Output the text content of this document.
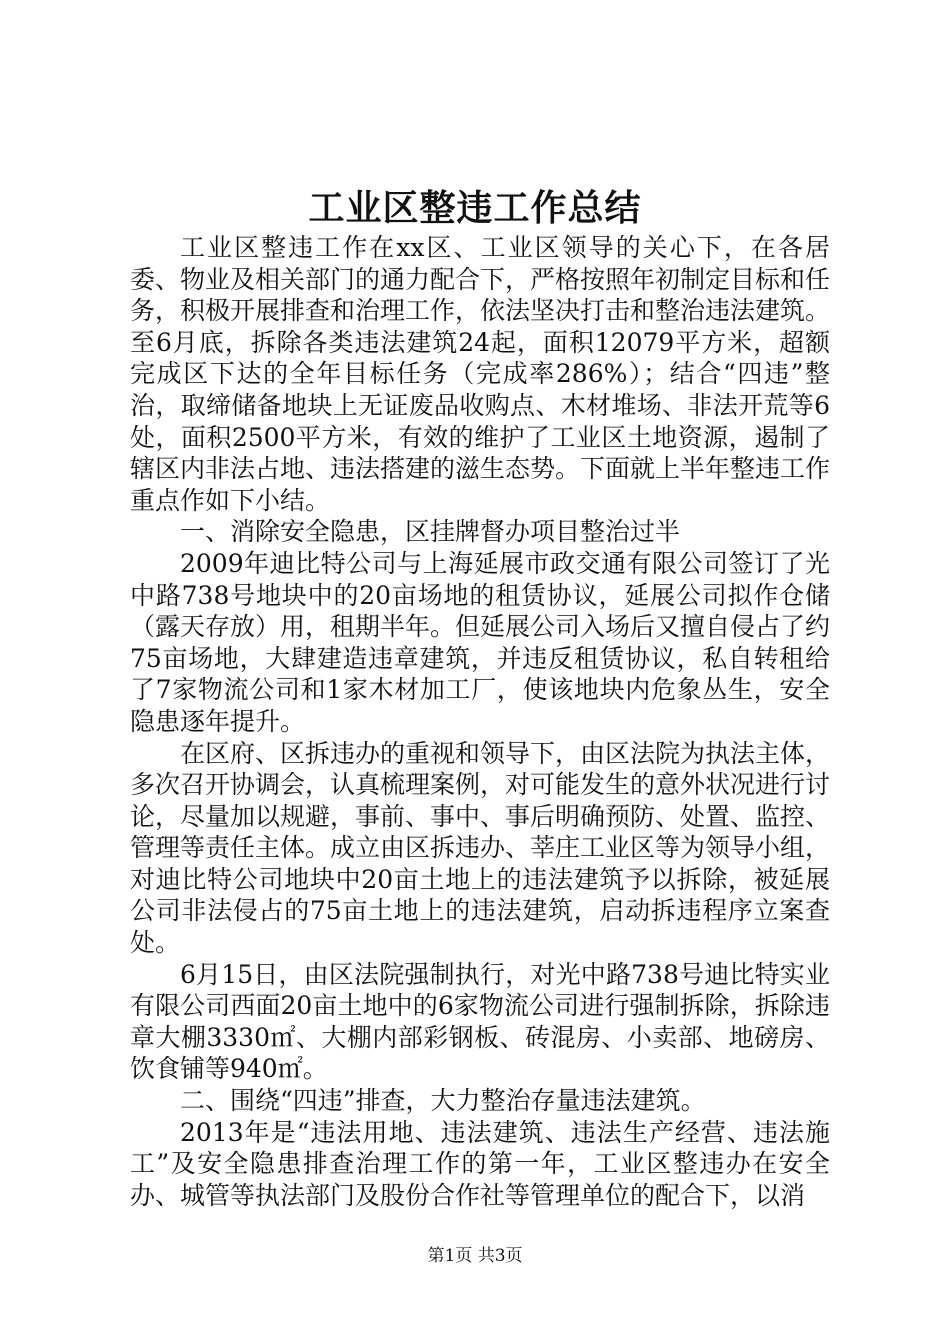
工业区整违工作总结

工业区整违工作在xx区、工业区领导的关心下，在各居委、物业及相关部门的通力配合下，严格按照年初制定目标和任务，积极开展排查和治理工作，依法坚决打击和整治违法建筑。至6月底，拆除各类违法建筑24起，面积12079平方米，超额完成区下达的全年目标任务（完成率286%）；结合“四违”整治，取缔储备地块上无证废品收购点、木材堆场、非法开荒等6处，面积2500平方米，有效的维护了工业区土地资源，遏制了辖区内非法占地、违法搭建的滋生态势。下面就上半年整违工作重点作如下小结。

一、消除安全隐患，区挂牌督办项目整治过半

2009年迪比特公司与上海延展市政交通有限公司签订了光中路738号地块中的20亩场地的租赁协议，延展公司拟作仓储（露天存放）用，租期半年。但延展公司入场后又擅自侵占了约75亩场地，大肆建造违章建筑，并违反租赁协议，私自转租给了7家物流公司和1家木材加工厂，使该地块内危象丛生，安全隐患逐年提升。

在区府、区拆违办的重视和领导下，由区法院为执法主体，多次召开协调会，认真梳理案例，对可能发生的意外状况进行讨论，尽量加以规避，事前、事中、事后明确预防、处置、监控、管理等责任主体。成立由区拆违办、莘庄工业区等为领导小组，对迪比特公司地块中20亩土地上的违法建筑予以拆除，被延展公司非法侵占的75亩土地上的违法建筑，启动拆违程序立案查处。

6月15日，由区法院强制执行，对光中路738号迪比特实业有限公司西面20亩土地中的6家物流公司进行强制拆除，拆除违章大棚3330㎡、大棚内部彩钢板、砖混房、小卖部、地磅房、饮食铺等940㎡。

二、围绕“四违”排查，大力整治存量违法建筑。

2013年是“违法用地、违法建筑、违法生产经营、违法施工”及安全隐患排查治理工作的第一年，工业区整违办在安全办、城管等执法部门及股份合作社等管理单位的配合下，以消

第1页 共3页
